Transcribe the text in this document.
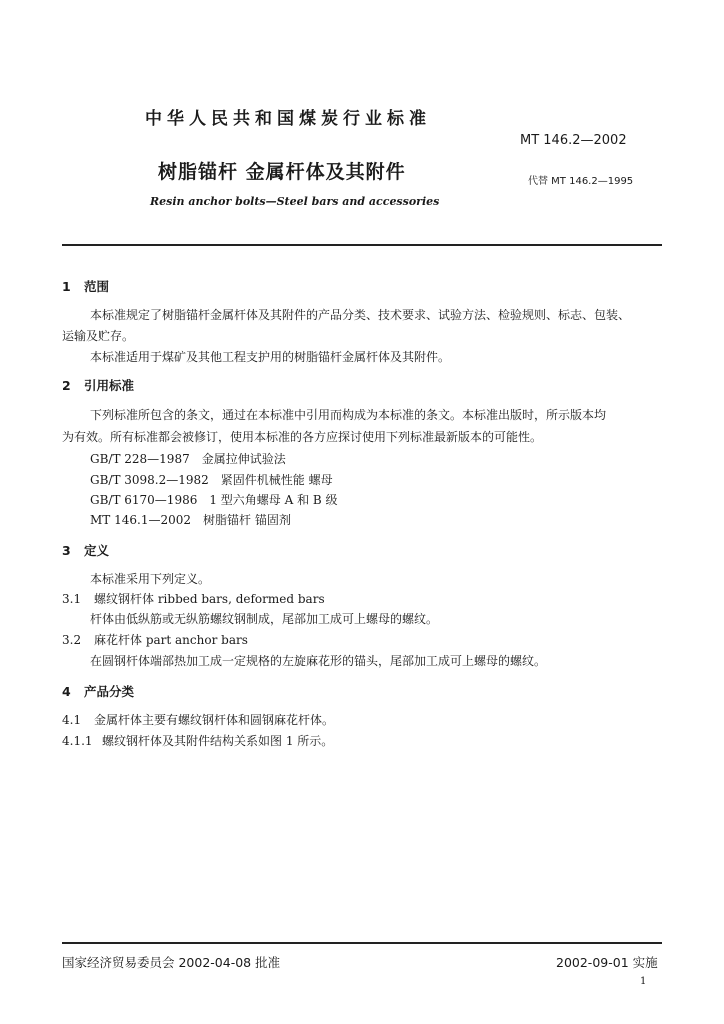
中华人民共和国煤炭行业标准
MT 146.2—2002
树脂锚杆 金属杆体及其附件	代替 MT 146.2—1995
Resin anchor bolts—Steel bars and accessories
1 范围
本标准规定了树脂锚杆金属杆体及其附件的产品分类、技术要求、试验方法、检验规则、标志、包装、
运输及贮存。
本标准适用于煤矿及其他工程支护用的树脂锚杆金属杆体及其附件。
2 引用标准
下列标准所包含的条文，通过在本标准中引用而构成为本标准的条文。本标准出版时，所示版本均
为有效。所有标准都会被修订，使用本标准的各方应探讨使用下列标准最新版本的可能性。
GB/T 228—1987 金属拉伸试验法
GB/T 3098.2—1982 紧固件机械性能 螺母
GB/T 6170—1986 1 型六角螺母 A 和 B 级
MT 146.1—2002 树脂锚杆 锚固剂
3 定义
本标准采用下列定义。
3.1 螺纹钢杆体 ribbed bars, deformed bars
杆体由低纵筋或无纵筋螺纹钢制成，尾部加工成可上螺母的螺纹。
3.2 麻花杆体 part anchor bars
在圆钢杆体端部热加工成一定规格的左旋麻花形的锚头，尾部加工成可上螺母的螺纹。
4 产品分类
4.1 金属杆体主要有螺纹钢杆体和圆钢麻花杆体。
4.1.1 螺纹钢杆体及其附件结构关系如图 1 所示。
国家经济贸易委员会 2002-04-08 批准	2002-09-01 实施
1
